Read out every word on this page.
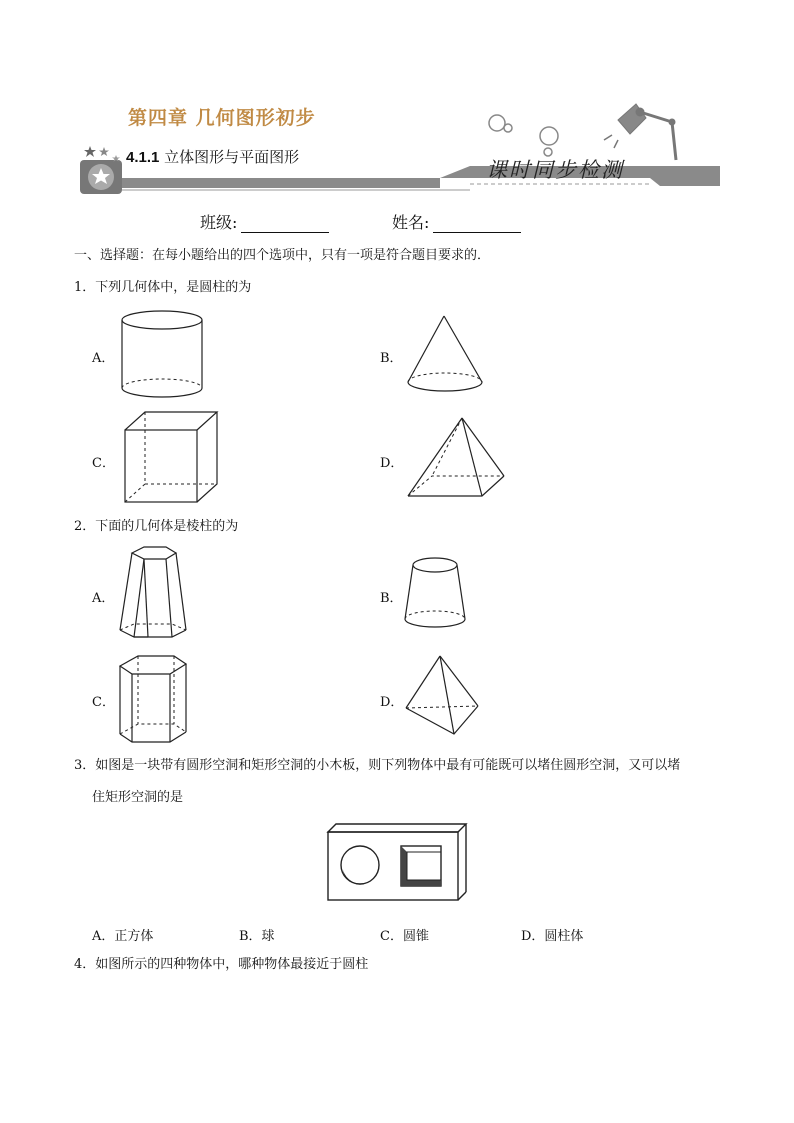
第四章 几何图形初步
4.1.1 立体图形与平面图形
课时同步检测
班级:	姓名:
一、选择题：在每小题给出的四个选项中，只有一项是符合题目要求的．
1．下列几何体中，是圆柱的为
A．	B．
C．	D．
2．下面的几何体是棱柱的为
A．	B．
C．	D．
3．如图是一块带有圆形空洞和矩形空洞的小木板，则下列物体中最有可能既可以堵住圆形空洞，又可以堵
住矩形空洞的是
A．正方体	B．球	C．圆锥	D．圆柱体
4．如图所示的四种物体中，哪种物体最接近于圆柱
